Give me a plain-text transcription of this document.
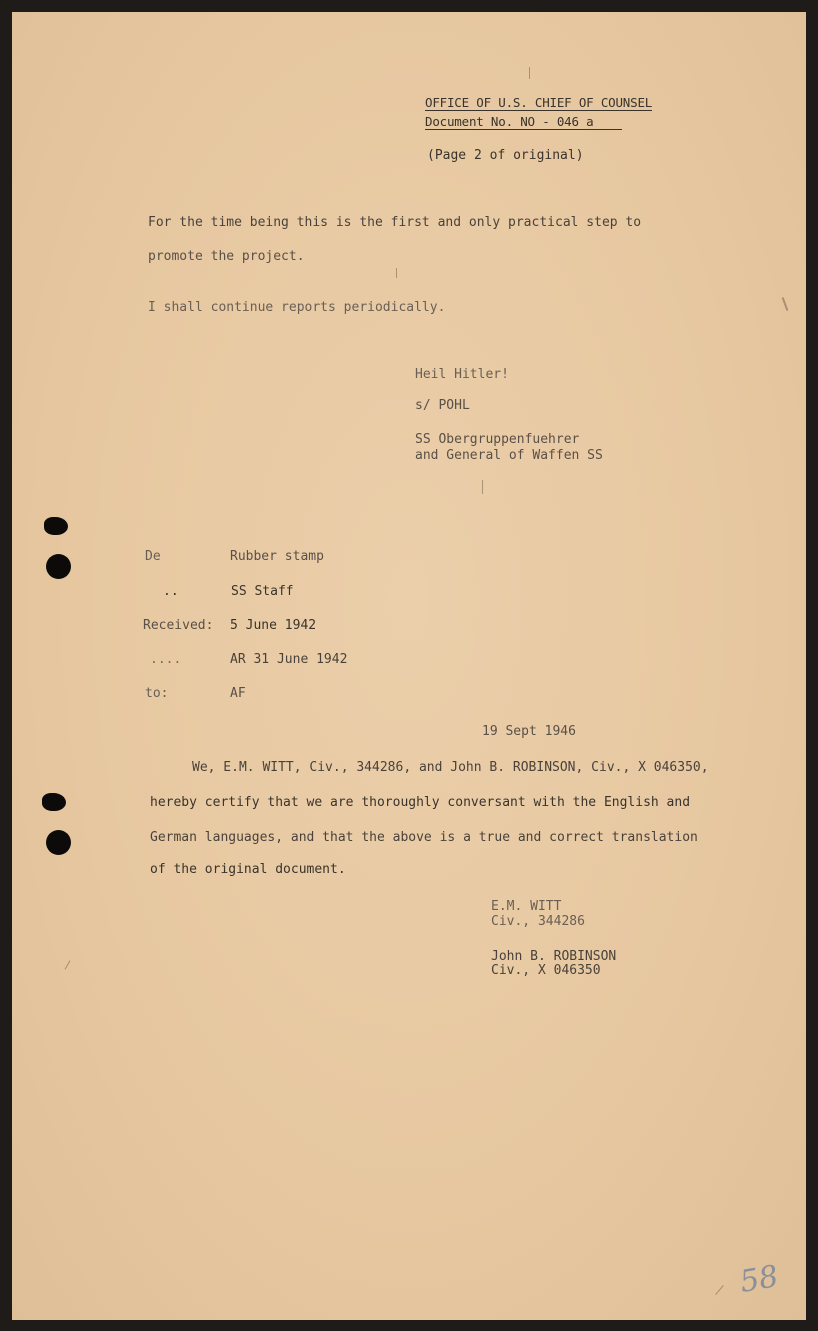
OFFICE OF U.S. CHIEF OF COUNSEL
Document No. NO - 046 a
(Page 2 of original)
For the time being this is the first and only practical step to
promote the project.
I shall continue reports periodically.
Heil Hitler!
s/ POHL
SS Obergruppenfuehrer
and General of Waffen SS
De	Rubber stamp
..	SS Staff
Received: 5 June 1942
....	AR 31 June 1942
to:	AF
19 Sept 1946
We, E.M. WITT, Civ., 344286, and John B. ROBINSON, Civ., X 046350,
hereby certify that we are thoroughly conversant with the English and
German languages, and that the above is a true and correct translation
of the original document.
E.M. WITT
Civ., 344286
John B. ROBINSON
Civ., X 046350
58
